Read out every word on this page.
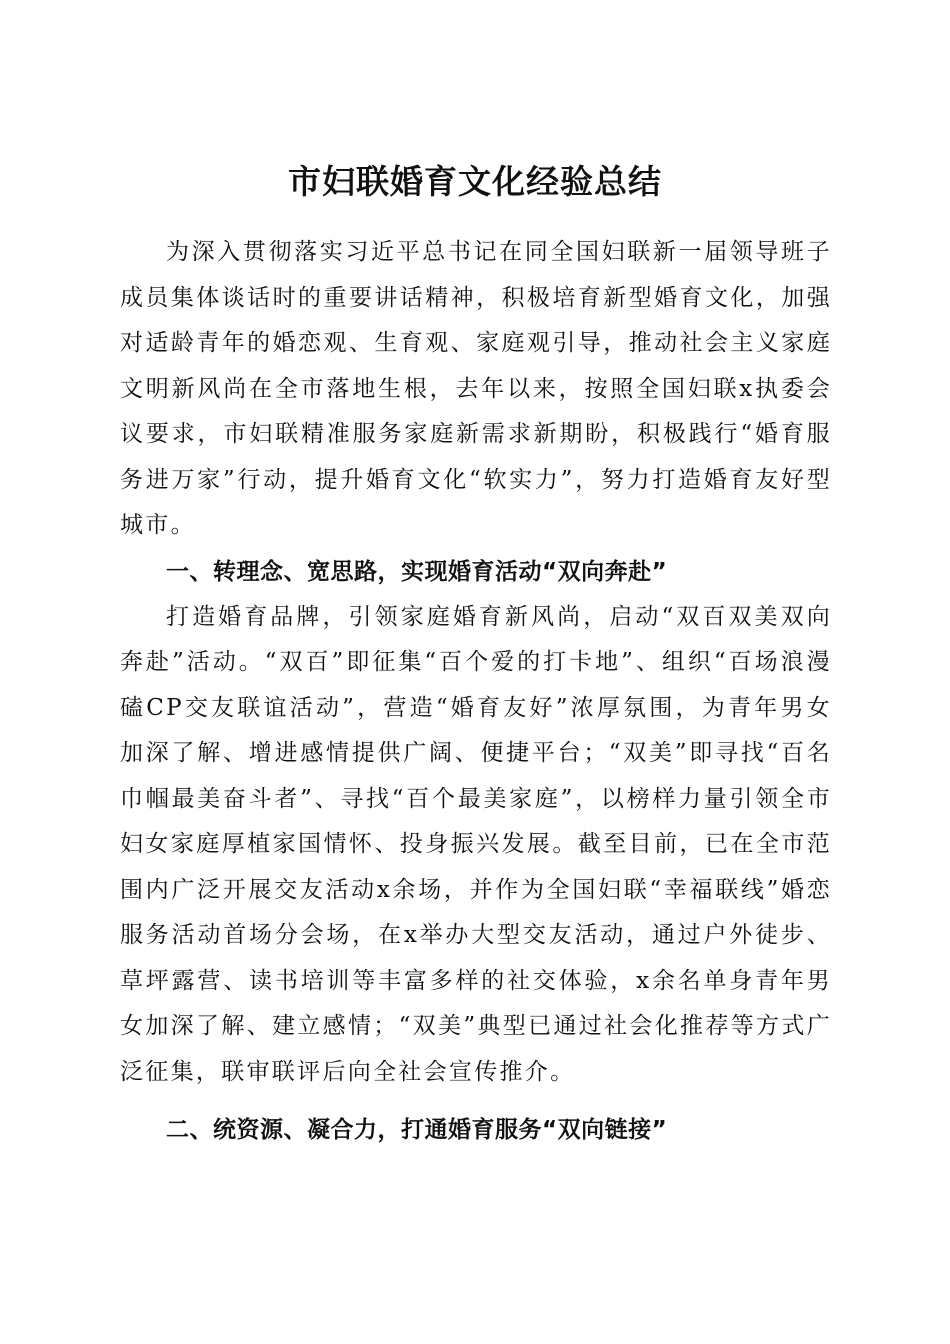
市妇联婚育文化经验总结

为深入贯彻落实习近平总书记在同全国妇联新一届领导班子成员集体谈话时的重要讲话精神，积极培育新型婚育文化，加强对适龄青年的婚恋观、生育观、家庭观引导，推动社会主义家庭文明新风尚在全市落地生根，去年以来，按照全国妇联x执委会议要求，市妇联精准服务家庭新需求新期盼，积极践行“婚育服务进万家”行动，提升婚育文化“软实力”，努力打造婚育友好型城市。

一、转理念、宽思路，实现婚育活动“双向奔赴”

打造婚育品牌，引领家庭婚育新风尚，启动“双百双美双向奔赴”活动。“双百”即征集“百个爱的打卡地”、组织“百场浪漫磕CP交友联谊活动”，营造“婚育友好”浓厚氛围，为青年男女加深了解、增进感情提供广阔、便捷平台；“双美”即寻找“百名巾帼最美奋斗者”、寻找“百个最美家庭”，以榜样力量引领全市妇女家庭厚植家国情怀、投身振兴发展。截至目前，已在全市范围内广泛开展交友活动x余场，并作为全国妇联“幸福联线”婚恋服务活动首场分会场，在x举办大型交友活动，通过户外徒步、草坪露营、读书培训等丰富多样的社交体验，x余名单身青年男女加深了解、建立感情；“双美”典型已通过社会化推荐等方式广泛征集，联审联评后向全社会宣传推介。

二、统资源、凝合力，打通婚育服务“双向链接”
